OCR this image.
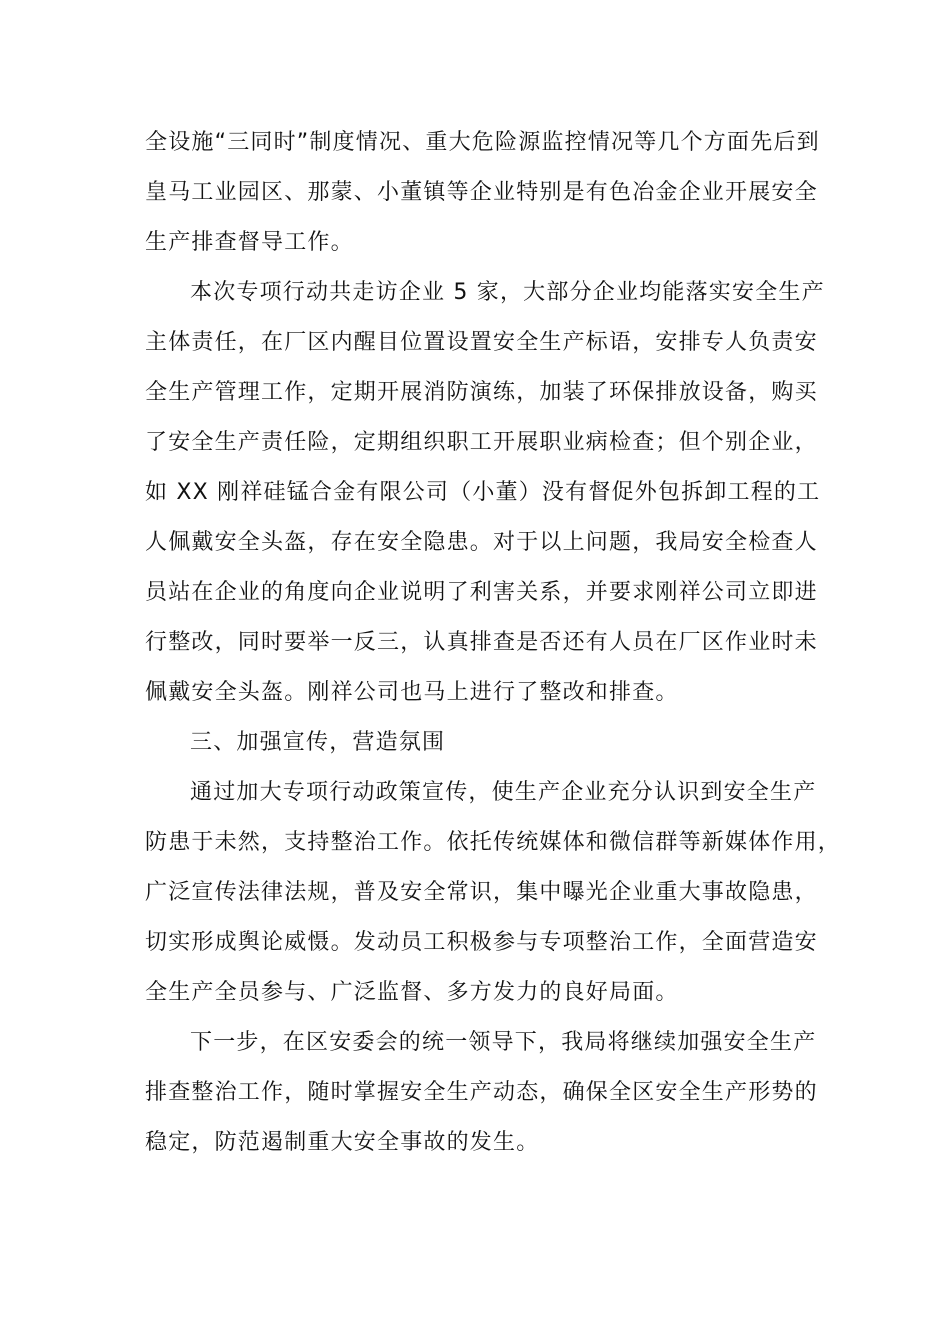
全设施“三同时”制度情况、重大危险源监控情况等几个方面先后到
皇马工业园区、那蒙、小董镇等企业特别是有色冶金企业开展安全
生产排查督导工作。
本次专项行动共走访企业 5 家，大部分企业均能落实安全生产
主体责任，在厂区内醒目位置设置安全生产标语，安排专人负责安
全生产管理工作，定期开展消防演练，加装了环保排放设备，购买
了安全生产责任险，定期组织职工开展职业病检查；但个别企业，
如 XX 刚祥硅锰合金有限公司（小董）没有督促外包拆卸工程的工
人佩戴安全头盔，存在安全隐患。对于以上问题，我局安全检查人
员站在企业的角度向企业说明了利害关系，并要求刚祥公司立即进
行整改，同时要举一反三，认真排查是否还有人员在厂区作业时未
佩戴安全头盔。刚祥公司也马上进行了整改和排查。
三、加强宣传，营造氛围
通过加大专项行动政策宣传，使生产企业充分认识到安全生产
防患于未然，支持整治工作。依托传统媒体和微信群等新媒体作用，
广泛宣传法律法规，普及安全常识，集中曝光企业重大事故隐患，
切实形成舆论威慑。发动员工积极参与专项整治工作，全面营造安
全生产全员参与、广泛监督、多方发力的良好局面。
下一步，在区安委会的统一领导下，我局将继续加强安全生产
排查整治工作，随时掌握安全生产动态，确保全区安全生产形势的
稳定，防范遏制重大安全事故的发生。
